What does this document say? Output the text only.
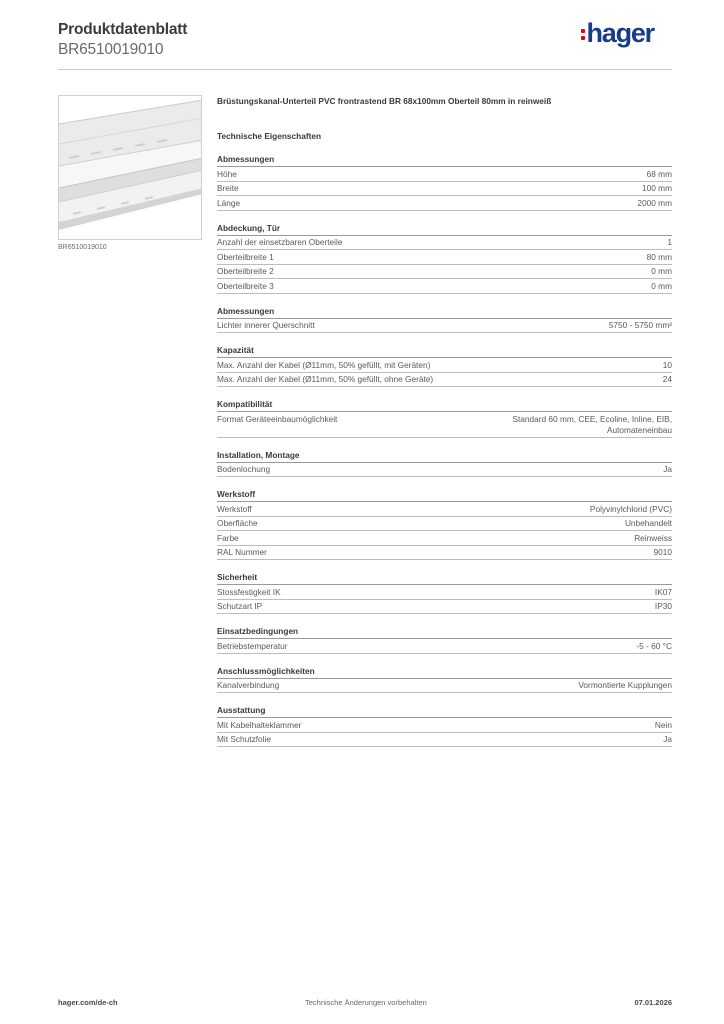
Produktdatenblatt
BR6510019010
hager
BR6510019010
Brüstungskanal-Unterteil PVC frontrastend BR 68x100mm Oberteil 80mm in reinweiß
Technische Eigenschaften
Abmessungen
Höhe	68 mm
Breite	100 mm
Länge	2000 mm
Abdeckung, Tür
Anzahl der einsetzbaren Oberteile	1
Oberteilbreite 1	80 mm
Oberteilbreite 2	0 mm
Oberteilbreite 3	0 mm
Abmessungen
Lichter innerer Querschnitt	5750 - 5750 mm²
Kapazität
Max. Anzahl der Kabel (Ø11mm, 50% gefüllt, mit Geräten)	10
Max. Anzahl der Kabel (Ø11mm, 50% gefüllt, ohne Geräte)	24
Kompatibilität
Format Geräteeinbaumöglichkeit	Standard 60 mm, CEE, Ecoline, Inline, EIB,
Automateneinbau
Installation, Montage
Bodenlochung	Ja
Werkstoff
Werkstoff	Polyvinylchlorid (PVC)
Oberfläche	Unbehandelt
Farbe	Reinweiss
RAL Nummer	9010
Sicherheit
Stossfestigkeit IK	IK07
Schutzart IP	IP30
Einsatzbedingungen
Betriebstemperatur	-5 - 60 °C
Anschlussmöglichkeiten
Kanalverbindung	Vormontierte Kupplungen
Ausstattung
Mit Kabelhalteklammer	Nein
Mit Schutzfolie	Ja
hager.com/de-ch	Technische Änderungen vorbehalten	07.01.2026
